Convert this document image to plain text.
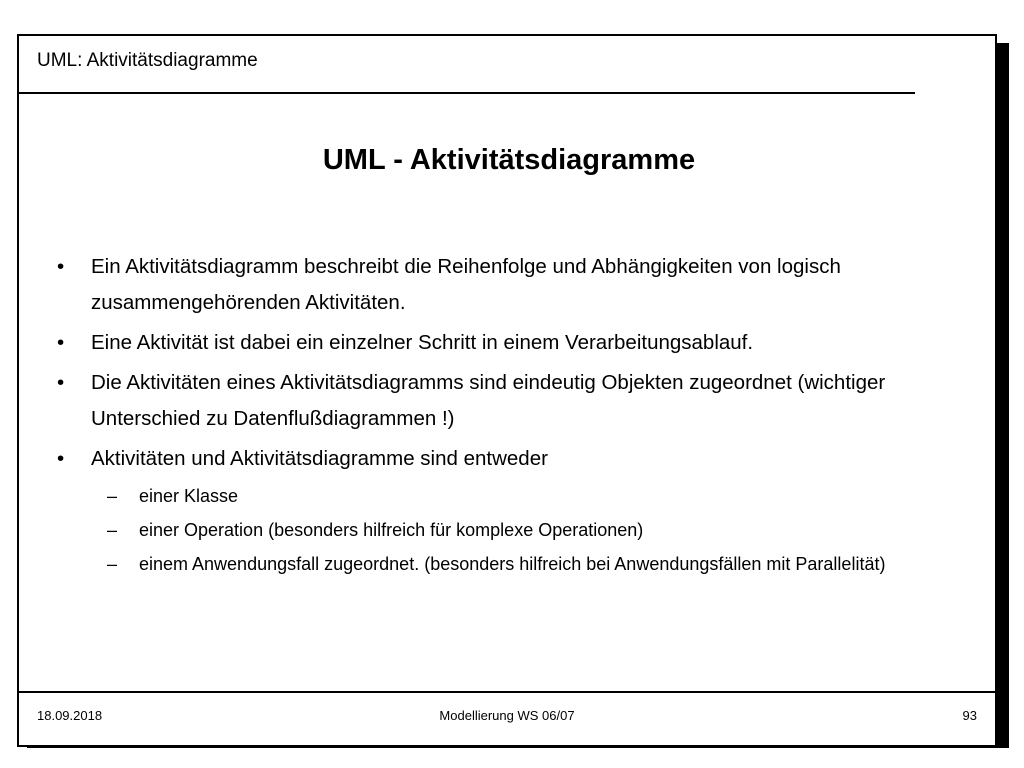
UML: Aktivitätsdiagramme
UML - Aktivitätsdiagramme
• Ein Aktivitätsdiagramm beschreibt die Reihenfolge und Abhängigkeiten von logisch zusammengehörenden Aktivitäten.
• Eine Aktivität ist dabei ein einzelner Schritt in einem Verarbeitungsablauf.
• Die Aktivitäten eines Aktivitätsdiagramms sind eindeutig Objekten zugeordnet (wichtiger Unterschied zu Datenflußdiagrammen !)
• Aktivitäten und Aktivitätsdiagramme sind entweder
– einer Klasse
– einer Operation (besonders hilfreich für komplexe Operationen)
– einem Anwendungsfall zugeordnet. (besonders hilfreich bei Anwendungsfällen mit Parallelität)
18.09.2018	Modellierung WS 06/07	93
